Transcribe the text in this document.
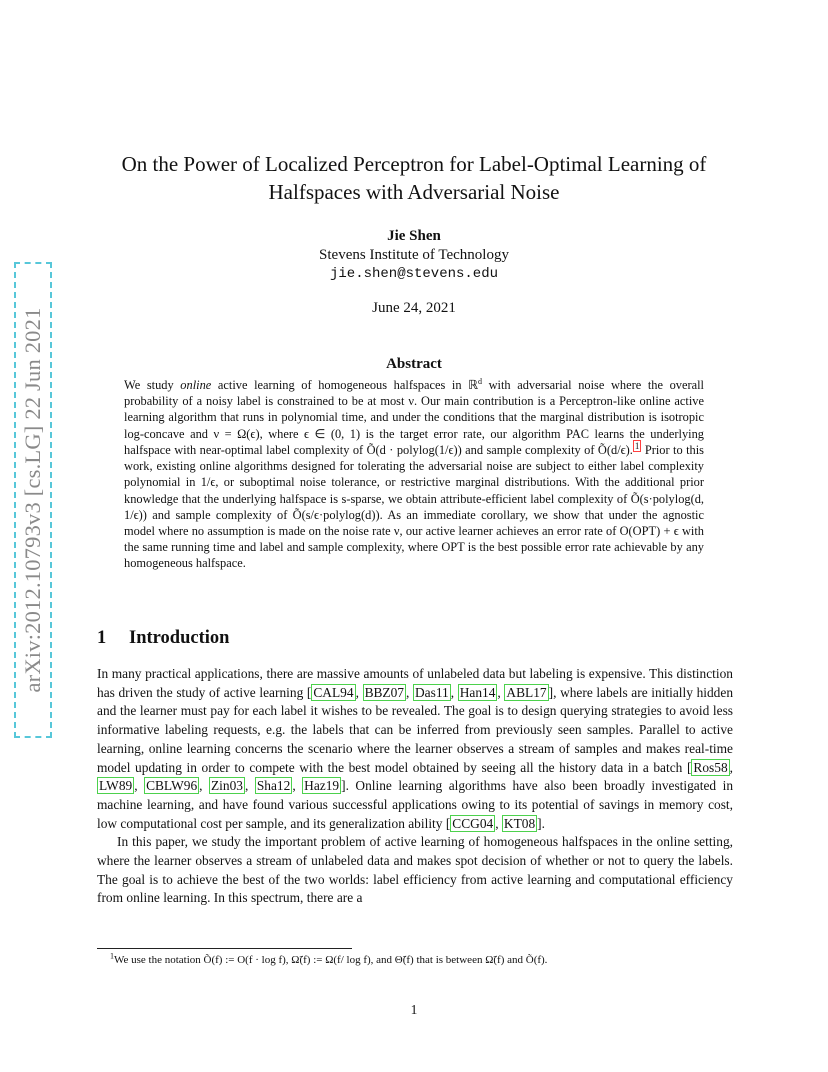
arXiv:2012.10793v3 [cs.LG] 22 Jun 2021
On the Power of Localized Perceptron for Label-Optimal Learning of Halfspaces with Adversarial Noise
Jie Shen
Stevens Institute of Technology
jie.shen@stevens.edu
June 24, 2021
Abstract

We study online active learning of homogeneous halfspaces in ℝ$^d$ with adversarial noise where the overall probability of a noisy label is constrained to be at most ν. Our main contribution is a Perceptron-like online active learning algorithm that runs in polynomial time, and under the conditions that the marginal distribution is isotropic log-concave and ν = Ω(ϵ), where ϵ ∈ (0, 1) is the target error rate, our algorithm PAC learns the underlying halfspace with near-optimal label complexity of Õ(d · polylog(1/ϵ)) and sample complexity of Õ(d/ϵ). $^1$ Prior to this work, existing online algorithms designed for tolerating the adversarial noise are subject to either label complexity polynomial in 1/ϵ, or suboptimal noise tolerance, or restrictive marginal distributions. With the additional prior knowledge that the underlying halfspace is s-sparse, we obtain attribute-efficient label complexity of Õ(s·polylog(d, 1/ϵ)) and sample complexity of Õ(s/ϵ·polylog(d)). As an immediate corollary, we show that under the agnostic model where no assumption is made on the noise rate ν, our active learner achieves an error rate of O(OPT) + ϵ with the same running time and label and sample complexity, where OPT is the best possible error rate achievable by any homogeneous halfspace.

1 Introduction

In many practical applications, there are massive amounts of unlabeled data but labeling is expensive. This distinction has driven the study of active learning [ CAL94 , BBZ07 , Das11 , Han14 , ABL17 ], where labels are initially hidden and the learner must pay for each label it wishes to be revealed. The goal is to design querying strategies to avoid less informative labeling requests, e.g. the labels that can be inferred from previously seen samples. Parallel to active learning, online learning concerns the scenario where the learner observes a stream of samples and makes real-time model updating in order to compete with the best model obtained by seeing all the history data in a batch [ Ros58 , LW89 , CBLW96 , Zin03 , Sha12 , Haz19 ]. Online learning algorithms have also been broadly investigated in machine learning, and have found various successful applications owing to its potential of savings in memory cost, low computational cost per sample, and its generalization ability [ CCG04 , KT08 ].

In this paper, we study the important problem of active learning of homogeneous halfspaces in the online setting, where the learner observes a stream of unlabeled data and makes spot decision of whether or not to query the labels. The goal is to achieve the best of the two worlds: label efficiency from active learning and computational efficiency from online learning. In this spectrum, there are a

$^1$We use the notation Õ(f) := O(f · log f), Ω̃(f) := Ω(f/ log f), and Θ̃(f) that is between Ω̃(f) and Õ(f).
1
